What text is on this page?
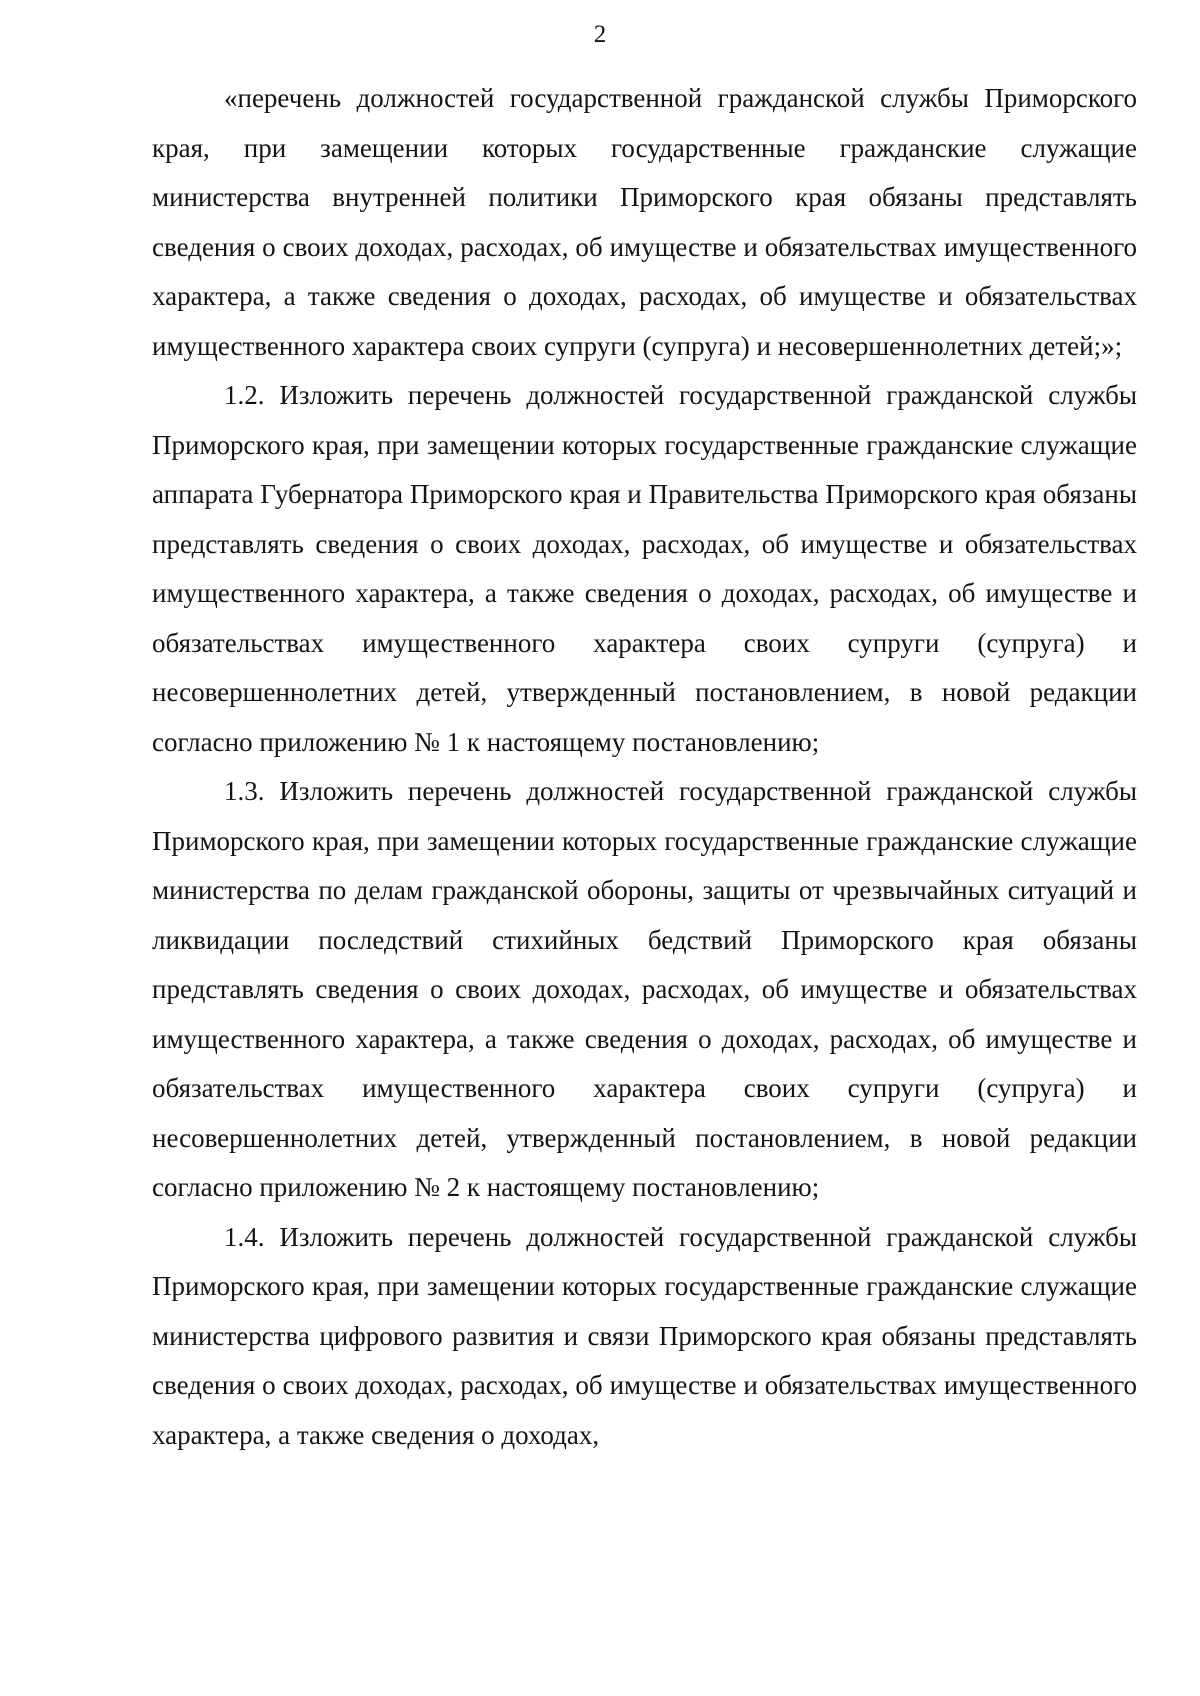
2

«перечень должностей государственной гражданской службы Приморского края, при замещении которых государственные гражданские служащие министерства внутренней политики Приморского края обязаны представлять сведения о своих доходах, расходах, об имуществе и обязательствах имущественного характера, а также сведения о доходах, расходах, об имуществе и обязательствах имущественного характера своих супруги (супруга) и несовершеннолетних детей;»;

1.2. Изложить перечень должностей государственной гражданской службы Приморского края, при замещении которых государственные гражданские служащие аппарата Губернатора Приморского края и Правительства Приморского края обязаны представлять сведения о своих доходах, расходах, об имуществе и обязательствах имущественного характера, а также сведения о доходах, расходах, об имуществе и обязательствах имущественного характера своих супруги (супруга) и несовершеннолетних детей, утвержденный постановлением, в новой редакции согласно приложению № 1 к настоящему постановлению;

1.3. Изложить перечень должностей государственной гражданской службы Приморского края, при замещении которых государственные гражданские служащие министерства по делам гражданской обороны, защиты от чрезвычайных ситуаций и ликвидации последствий стихийных бедствий Приморского края обязаны представлять сведения о своих доходах, расходах, об имуществе и обязательствах имущественного характера, а также сведения о доходах, расходах, об имуществе и обязательствах имущественного характера своих супруги (супруга) и несовершеннолетних детей, утвержденный постановлением, в новой редакции согласно приложению № 2 к настоящему постановлению;

1.4. Изложить перечень должностей государственной гражданской службы Приморского края, при замещении которых государственные гражданские служащие министерства цифрового развития и связи Приморского края обязаны представлять сведения о своих доходах, расходах, об имуществе и обязательствах имущественного характера, а также сведения о доходах,
